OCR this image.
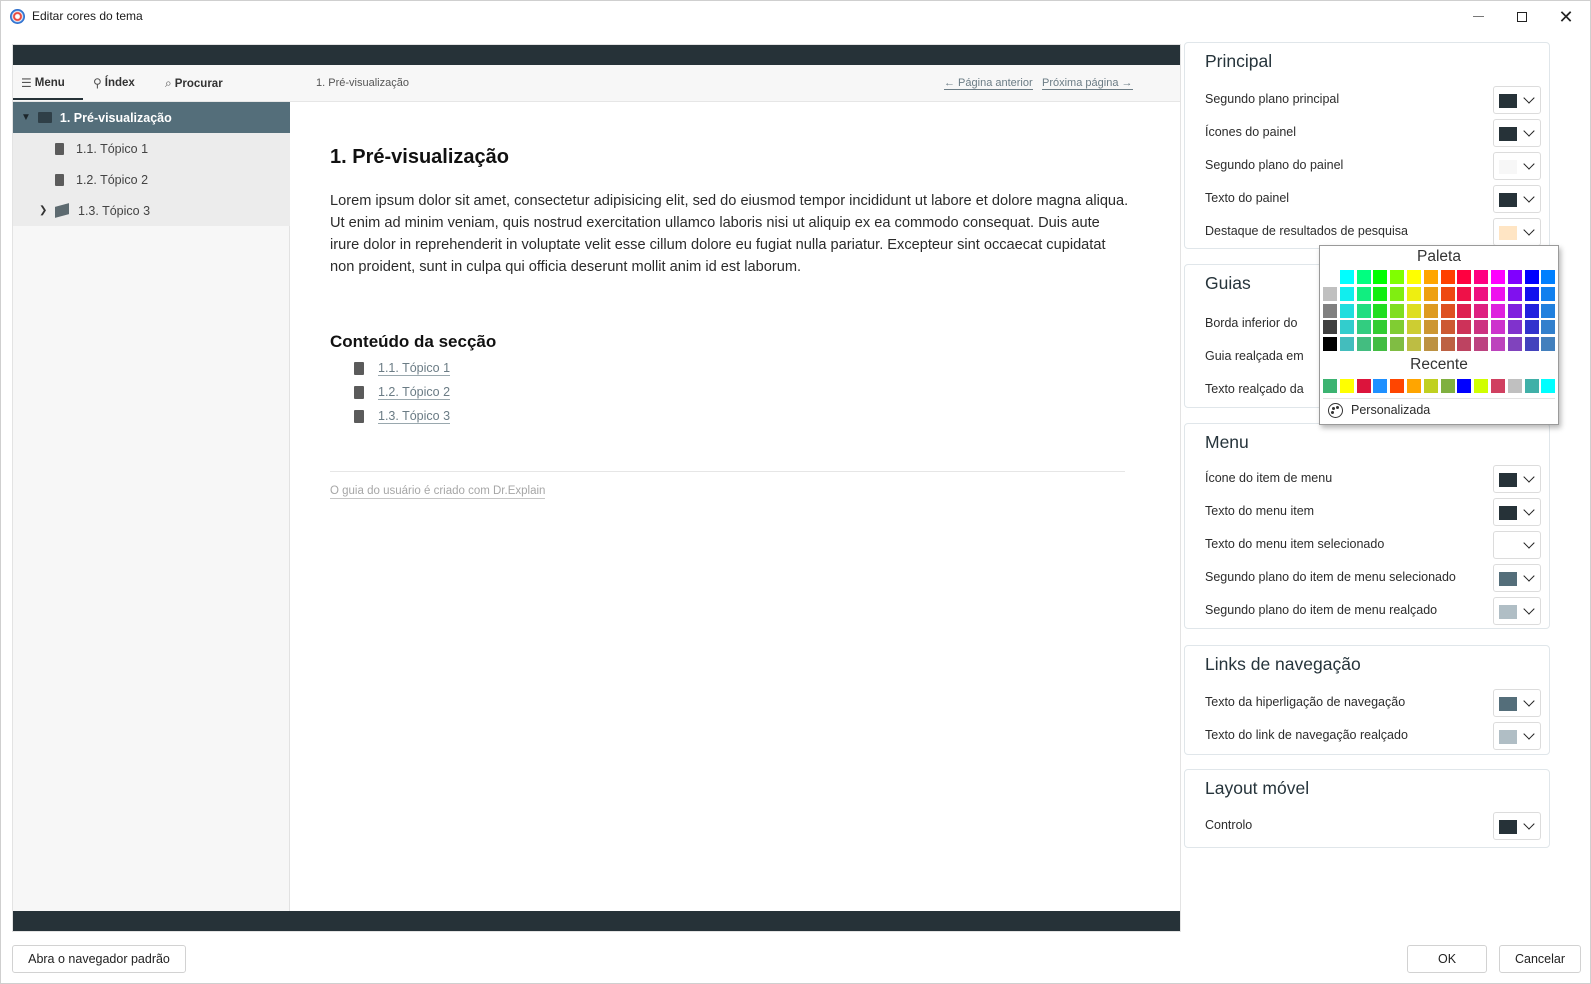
Editar cores do tema	✕
☰ Menu ⚲ Índex	⌕ Procurar	1. Pré-visualização	← Página anterior Próxima página →
▼ 1. Pré-visualização
1.1. Tópico 1
1.2. Tópico 2
❯ 1.3. Tópico 3
1. Pré-visualização
Lorem ipsum dolor sit amet, consectetur adipisicing elit, sed do eiusmod tempor incididunt ut labore et dolore magna aliqua. Ut enim ad minim veniam, quis nostrud exercitation ullamco laboris nisi ut aliquip ex ea commodo consequat. Duis aute irure dolor in reprehenderit in voluptate velit esse cillum dolore eu fugiat nulla pariatur. Excepteur sint occaecat cupidatat non proident, sunt in culpa qui officia deserunt mollit anim id est laborum.
Conteúdo da secção
1.1. Tópico 1
1.2. Tópico 2
1.3. Tópico 3
O guia do usuário é criado com Dr.Explain
Principal
Segundo plano principal
Ícones do painel
Segundo plano do painel
Texto do painel
Destaque de resultados de pesquisa
Guias
Borda inferior do
Guia realçada em
Texto realçado da
Menu
Ícone do item de menu
Texto do menu item
Texto do menu item selecionado
Segundo plano do item de menu selecionado
Segundo plano do item de menu realçado
Links de navegação
Texto da hiperligação de navegação
Texto do link de navegação realçado
Layout móvel
Controlo
Paleta
Recente
Personalizada
Abra o navegador padrão	OK	Cancelar
